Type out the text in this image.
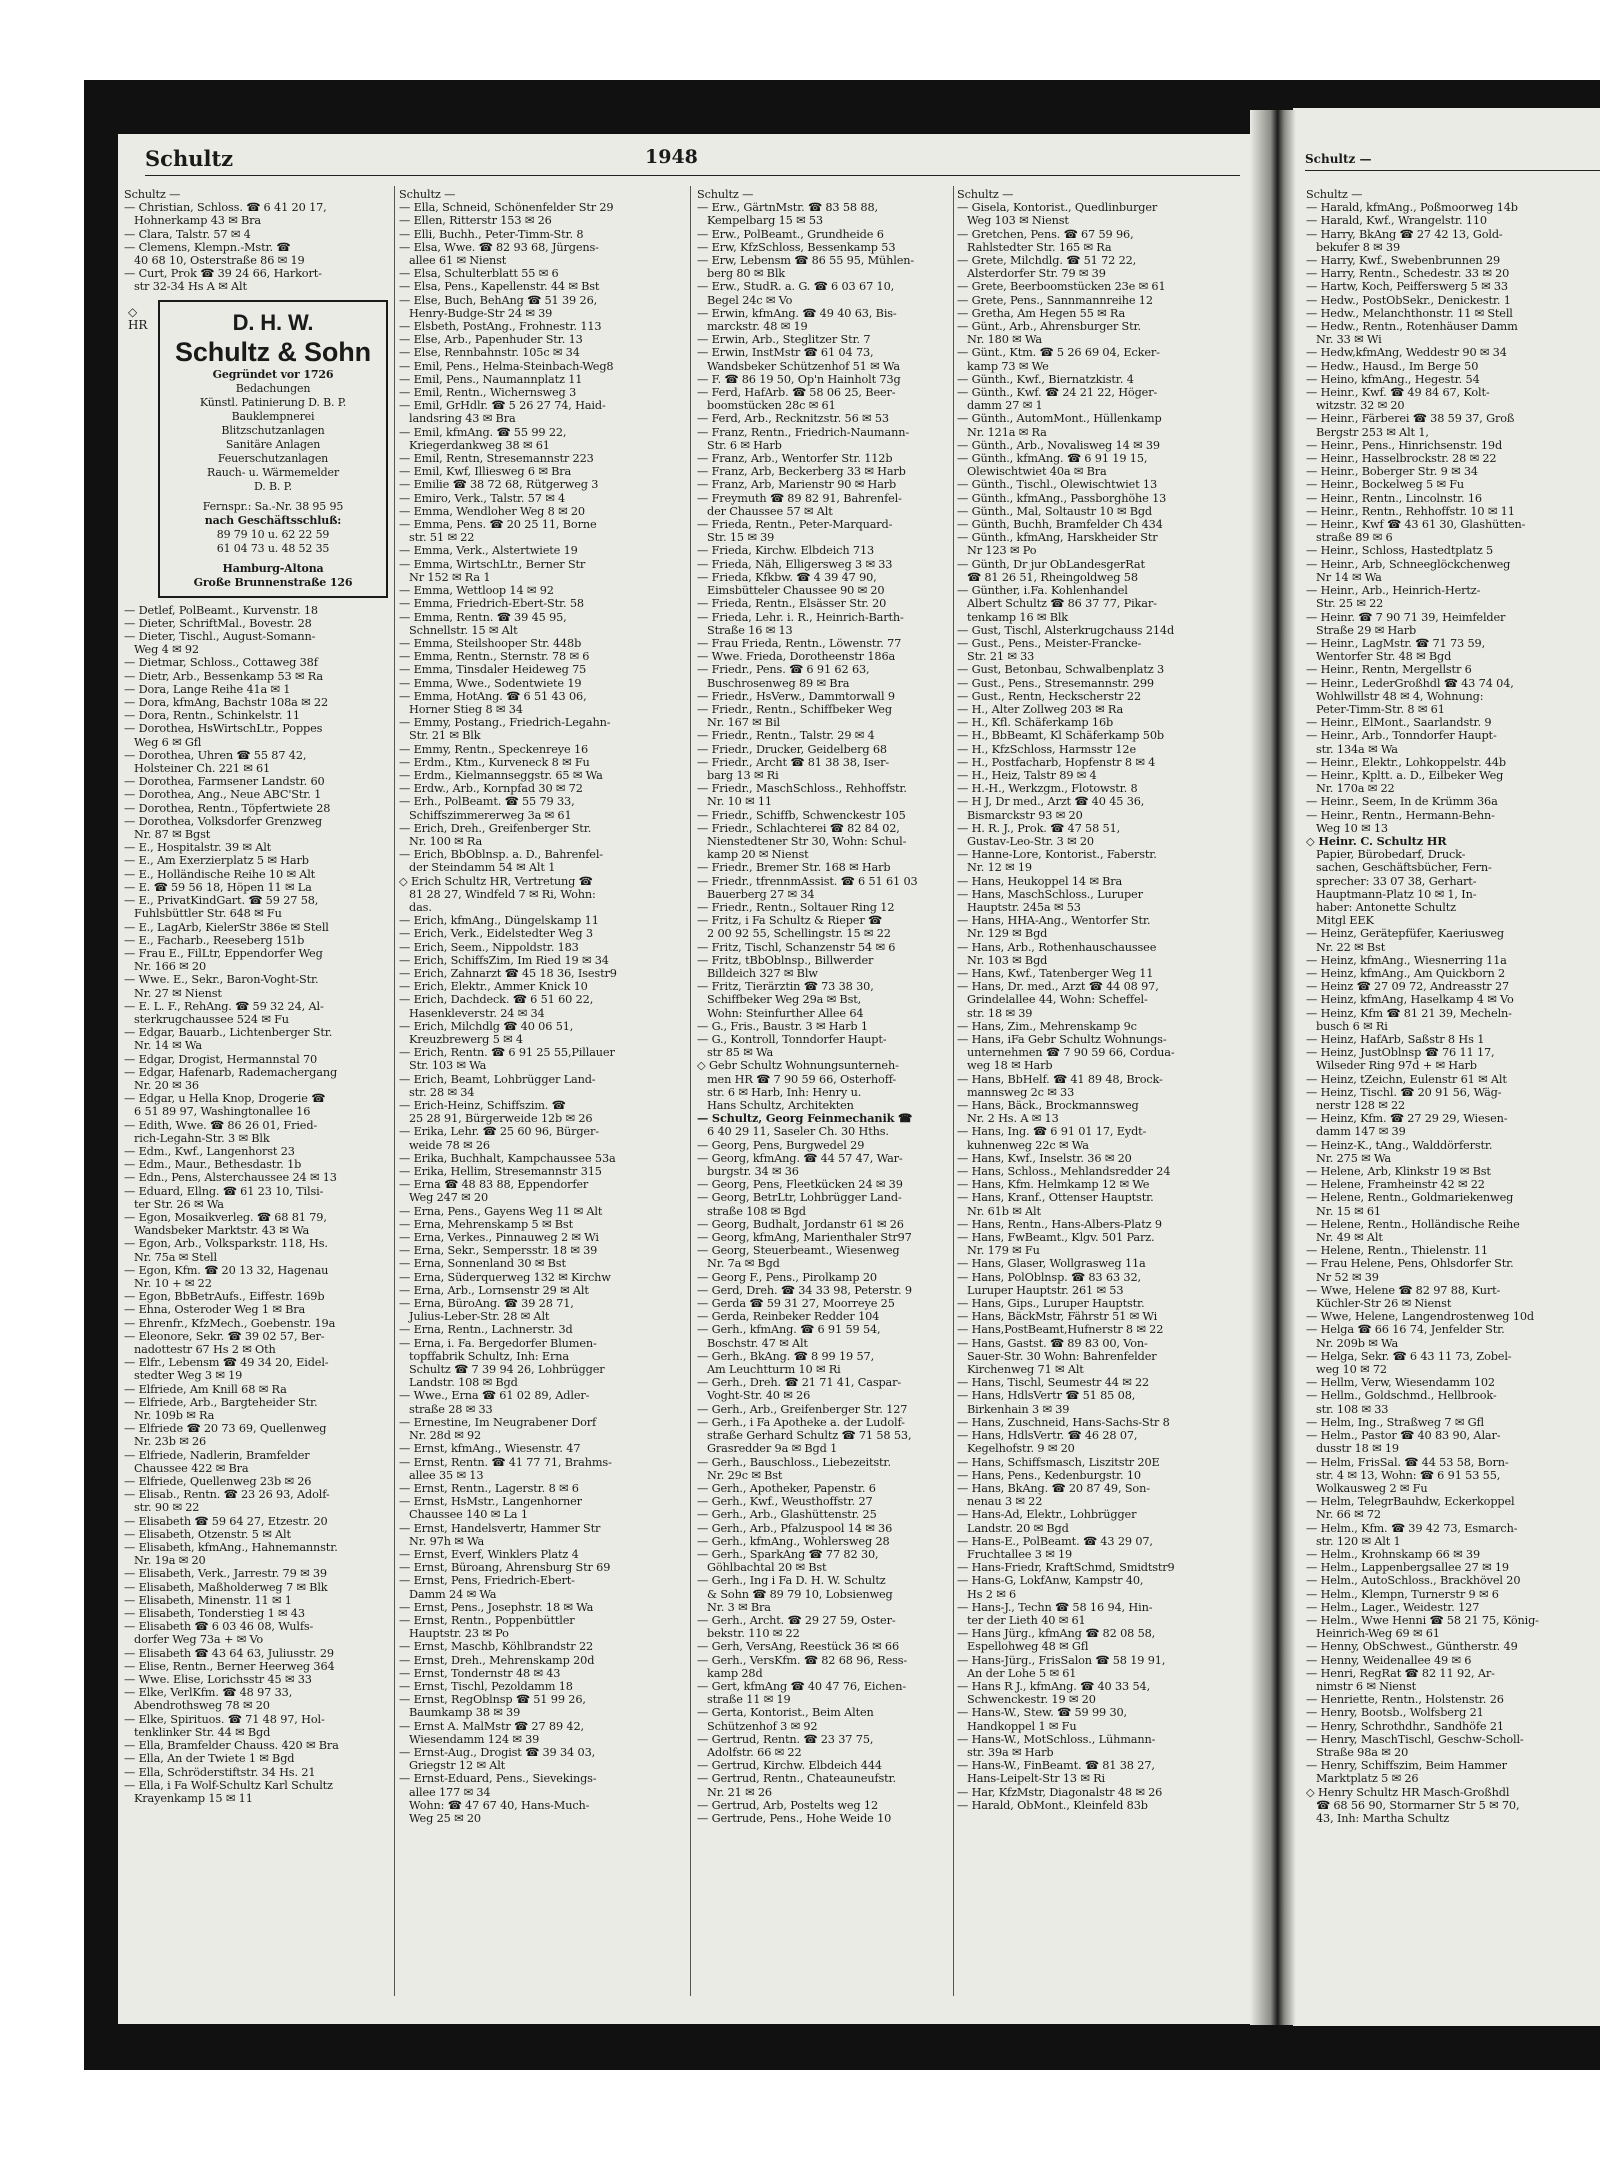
Schultz	1948	Schultz —
Schultz —
— Christian, Schloss. ☎ 6 41 20 17,
Hohnerkamp 43 ✉ Bra
— Clara, Talstr. 57 ✉ 4
— Clemens, Klempn.-Mstr. ☎
40 68 10, Osterstraße 86 ✉ 19
— Curt, Prok ☎ 39 24 66, Harkort-
str 32-34 Hs A ✉ Alt
◇
HR	D. H. W.
Schultz & Sohn
Gegründet vor 1726
Bedachungen
Künstl. Patinierung D. B. P.
Bauklempnerei
Blitzschutzanlagen
Sanitäre Anlagen
Feuerschutzanlagen
Rauch- u. Wärmemelder
D. B. P.
Fernspr.: Sa.-Nr. 38 95 95
nach Geschäftsschluß:
89 79 10 u. 62 22 59
61 04 73 u. 48 52 35
Hamburg-Altona
Große Brunnenstraße 126
— Detlef, PolBeamt., Kurvenstr. 18
— Dieter, SchriftMal., Bovestr. 28
— Dieter, Tischl., August-Somann-
Weg 4 ✉ 92
— Dietmar, Schloss., Cottaweg 38f
— Dietr, Arb., Bessenkamp 53 ✉ Ra
— Dora, Lange Reihe 41a ✉ 1
— Dora, kfmAng, Bachstr 108a ✉ 22
— Dora, Rentn., Schinkelstr. 11
— Dorothea, HsWirtschLtr., Poppes
Weg 6 ✉ Gfl
— Dorothea, Uhren ☎ 55 87 42,
Holsteiner Ch. 221 ✉ 61
— Dorothea, Farmsener Landstr. 60
— Dorothea, Ang., Neue ABC'Str. 1
— Dorothea, Rentn., Töpfertwiete 28
— Dorothea, Volksdorfer Grenzweg
Nr. 87 ✉ Bgst
— E., Hospitalstr. 39 ✉ Alt
— E., Am Exerzierplatz 5 ✉ Harb
— E., Holländische Reihe 10 ✉ Alt
— E. ☎ 59 56 18, Höpen 11 ✉ La
— E., PrivatKindGart. ☎ 59 27 58,
Fuhlsbüttler Str. 648 ✉ Fu
— E., LagArb, KielerStr 386e ✉ Stell
— E., Facharb., Reeseberg 151b
— Frau E., FilLtr, Eppendorfer Weg
Nr. 166 ✉ 20
— Wwe. E., Sekr., Baron-Voght-Str.
Nr. 27 ✉ Nienst
— E. L. F., RehAng. ☎ 59 32 24, Al-
sterkrugchaussee 524 ✉ Fu
— Edgar, Bauarb., Lichtenberger Str.
Nr. 14 ✉ Wa
— Edgar, Drogist, Hermannstal 70
— Edgar, Hafenarb, Rademachergang
Nr. 20 ✉ 36
— Edgar, u Hella Knop, Drogerie ☎
6 51 89 97, Washingtonallee 16
— Edith, Wwe. ☎ 86 26 01, Fried-
rich-Legahn-Str. 3 ✉ Blk
— Edm., Kwf., Langenhorst 23
— Edm., Maur., Bethesdastr. 1b
— Edn., Pens, Alsterchaussee 24 ✉ 13
— Eduard, Ellng. ☎ 61 23 10, Tilsi-
ter Str. 26 ✉ Wa
— Egon, Mosaikverleg. ☎ 68 81 79,
Wandsbeker Marktstr. 43 ✉ Wa
— Egon, Arb., Volksparkstr. 118, Hs.
Nr. 75a ✉ Stell
— Egon, Kfm. ☎ 20 13 32, Hagenau
Nr. 10 + ✉ 22
— Egon, BbBetrAufs., Eiffestr. 169b
— Ehna, Osteroder Weg 1 ✉ Bra
— Ehrenfr., KfzMech., Goebenstr. 19a
— Eleonore, Sekr. ☎ 39 02 57, Ber-
nadottestr 67 Hs 2 ✉ Oth
— Elfr., Lebensm ☎ 49 34 20, Eidel-
stedter Weg 3 ✉ 19
— Elfriede, Am Knill 68 ✉ Ra
— Elfriede, Arb., Bargteheider Str.
Nr. 109b ✉ Ra
— Elfriede ☎ 20 73 69, Quellenweg
Nr. 23b ✉ 26
— Elfriede, Nadlerin, Bramfelder
Chaussee 422 ✉ Bra
— Elfriede, Quellenweg 23b ✉ 26
— Elisab., Rentn. ☎ 23 26 93, Adolf-
str. 90 ✉ 22
— Elisabeth ☎ 59 64 27, Etzestr. 20
— Elisabeth, Otzenstr. 5 ✉ Alt
— Elisabeth, kfmAng., Hahnemannstr.
Nr. 19a ✉ 20
— Elisabeth, Verk., Jarrestr. 79 ✉ 39
— Elisabeth, Maßholderweg 7 ✉ Blk
— Elisabeth, Minenstr. 11 ✉ 1
— Elisabeth, Tonderstieg 1 ✉ 43
— Elisabeth ☎ 6 03 46 08, Wulfs-
dorfer Weg 73a + ✉ Vo
— Elisabeth ☎ 43 64 63, Juliusstr. 29
— Elise, Rentn., Berner Heerweg 364
— Wwe. Elise, Lorichsstr 45 ✉ 33
— Elke, VerlKfm. ☎ 48 97 33,
Abendrothsweg 78 ✉ 20
— Elke, Spirituos. ☎ 71 48 97, Hol-
tenklinker Str. 44 ✉ Bgd
— Ella, Bramfelder Chauss. 420 ✉ Bra
— Ella, An der Twiete 1 ✉ Bgd
— Ella, Schröderstiftstr. 34 Hs. 21
— Ella, i Fa Wolf-Schultz Karl Schultz
Krayenkamp 15 ✉ 11
Schultz —
— Ella, Schneid, Schönenfelder Str 29
— Ellen, Ritterstr 153 ✉ 26
— Elli, Buchh., Peter-Timm-Str. 8
— Elsa, Wwe. ☎ 82 93 68, Jürgens-
allee 61 ✉ Nienst
— Elsa, Schulterblatt 55 ✉ 6
— Elsa, Pens., Kapellenstr. 44 ✉ Bst
— Else, Buch, BehAng ☎ 51 39 26,
Henry-Budge-Str 24 ✉ 39
— Elsbeth, PostAng., Frohnestr. 113
— Else, Arb., Papenhuder Str. 13
— Else, Rennbahnstr. 105c ✉ 34
— Emil, Pens., Helma-Steinbach-Weg8
— Emil, Pens., Naumannplatz 11
— Emil, Rentn., Wichernsweg 3
— Emil, GrHdlr. ☎ 5 26 27 74, Haid-
landsring 43 ✉ Bra
— Emil, kfmAng. ☎ 55 99 22,
Kriegerdankweg 38 ✉ 61
— Emil, Rentn, Stresemannstr 223
— Emil, Kwf, Illiesweg 6 ✉ Bra
— Emilie ☎ 38 72 68, Rütgerweg 3
— Emiro, Verk., Talstr. 57 ✉ 4
— Emma, Wendloher Weg 8 ✉ 20
— Emma, Pens. ☎ 20 25 11, Borne
str. 51 ✉ 22
— Emma, Verk., Alstertwiete 19
— Emma, WirtschLtr., Berner Str
Nr 152 ✉ Ra 1
— Emma, Wettloop 14 ✉ 92
— Emma, Friedrich-Ebert-Str. 58
— Emma, Rentn. ☎ 39 45 95,
Schnellstr. 15 ✉ Alt
— Emma, Steilshooper Str. 448b
— Emma, Rentn., Sternstr. 78 ✉ 6
— Emma, Tinsdaler Heideweg 75
— Emma, Wwe., Sodentwiete 19
— Emma, HotAng. ☎ 6 51 43 06,
Horner Stieg 8 ✉ 34
— Emmy, Postang., Friedrich-Legahn-
Str. 21 ✉ Blk
— Emmy, Rentn., Speckenreye 16
— Erdm., Ktm., Kurveneck 8 ✉ Fu
— Erdm., Kielmannseggstr. 65 ✉ Wa
— Erdw., Arb., Kornpfad 30 ✉ 72
— Erh., PolBeamt. ☎ 55 79 33,
Schiffszimmererweg 3a ✉ 61
— Erich, Dreh., Greifenberger Str.
Nr. 100 ✉ Ra
— Erich, BbOblnsp. a. D., Bahrenfel-
der Steindamm 54 ✉ Alt 1
◇ Erich Schultz HR, Vertretung ☎
81 28 27, Windfeld 7 ✉ Ri, Wohn:
das.
— Erich, kfmAng., Düngelskamp 11
— Erich, Verk., Eidelstedter Weg 3
— Erich, Seem., Nippoldstr. 183
— Erich, SchiffsZim, Im Ried 19 ✉ 34
— Erich, Zahnarzt ☎ 45 18 36, Isestr9
— Erich, Elektr., Ammer Knick 10
— Erich, Dachdeck. ☎ 6 51 60 22,
Hasenkleverstr. 24 ✉ 34
— Erich, Milchdlg ☎ 40 06 51,
Kreuzbrewerg 5 ✉ 4
— Erich, Rentn. ☎ 6 91 25 55,Pillauer
Str. 103 ✉ Wa
— Erich, Beamt, Lohbrügger Land-
str. 28 ✉ 34
— Erich-Heinz, Schiffszim. ☎
25 28 91, Bürgerweide 12b ✉ 26
— Erika, Lehr. ☎ 25 60 96, Bürger-
weide 78 ✉ 26
— Erika, Buchhalt, Kampchaussee 53a
— Erika, Hellim, Stresemannstr 315
— Erna ☎ 48 83 88, Eppendorfer
Weg 247 ✉ 20
— Erna, Pens., Gayens Weg 11 ✉ Alt
— Erna, Mehrenskamp 5 ✉ Bst
— Erna, Verkes., Pinnauweg 2 ✉ Wi
— Erna, Sekr., Sempersstr. 18 ✉ 39
— Erna, Sonnenland 30 ✉ Bst
— Erna, Süderquerweg 132 ✉ Kirchw
— Erna, Arb., Lornsenstr 29 ✉ Alt
— Erna, BüroAng. ☎ 39 28 71,
Julius-Leber-Str. 28 ✉ Alt
— Erna, Rentn., Lachnerstr. 3d
— Erna, i. Fa. Bergedorfer Blumen-
topffabrik Schultz, Inh: Erna
Schultz ☎ 7 39 94 26, Lohbrügger
Landstr. 108 ✉ Bgd
— Wwe., Erna ☎ 61 02 89, Adler-
straße 28 ✉ 33
— Ernestine, Im Neugrabener Dorf
Nr. 28d ✉ 92
— Ernst, kfmAng., Wiesenstr. 47
— Ernst, Rentn. ☎ 41 77 71, Brahms-
allee 35 ✉ 13
— Ernst, Rentn., Lagerstr. 8 ✉ 6
— Ernst, HsMstr., Langenhorner
Chaussee 140 ✉ La 1
— Ernst, Handelsvertr, Hammer Str
Nr. 97h ✉ Wa
— Ernst, Everf, Winklers Platz 4
— Ernst, Büroang, Ahrensburg Str 69
— Ernst, Pens, Friedrich-Ebert-
Damm 24 ✉ Wa
— Ernst, Pens., Josephstr. 18 ✉ Wa
— Ernst, Rentn., Poppenbüttler
Hauptstr. 23 ✉ Po
— Ernst, Maschb, Köhlbrandstr 22
— Ernst, Dreh., Mehrenskamp 20d
— Ernst, Tondernstr 48 ✉ 43
— Ernst, Tischl, Pezoldamm 18
— Ernst, RegOblnsp ☎ 51 99 26,
Baumkamp 38 ✉ 39
— Ernst A. MalMstr ☎ 27 89 42,
Wiesendamm 124 ✉ 39
— Ernst-Aug., Drogist ☎ 39 34 03,
Griegstr 12 ✉ Alt
— Ernst-Eduard, Pens., Sievekings-
allee 177 ✉ 34
Wohn: ☎ 47 67 40, Hans-Much-
Weg 25 ✉ 20
Schultz —
— Erw., GärtnMstr. ☎ 83 58 88,
Kempelbarg 15 ✉ 53
— Erw., PolBeamt., Grundheide 6
— Erw, KfzSchloss, Bessenkamp 53
— Erw, Lebensm ☎ 86 55 95, Mühlen-
berg 80 ✉ Blk
— Erw., StudR. a. G. ☎ 6 03 67 10,
Begel 24c ✉ Vo
— Erwin, kfmAng. ☎ 49 40 63, Bis-
marckstr. 48 ✉ 19
— Erwin, Arb., Steglitzer Str. 7
— Erwin, InstMstr ☎ 61 04 73,
Wandsbeker Schützenhof 51 ✉ Wa
— F. ☎ 86 19 50, Op'n Hainholt 73g
— Ferd, HafArb. ☎ 58 06 25, Beer-
boomstücken 28c ✉ 61
— Ferd, Arb., Recknitzstr. 56 ✉ 53
— Franz, Rentn., Friedrich-Naumann-
Str. 6 ✉ Harb
— Franz, Arb., Wentorfer Str. 112b
— Franz, Arb, Beckerberg 33 ✉ Harb
— Franz, Arb, Marienstr 90 ✉ Harb
— Freymuth ☎ 89 82 91, Bahrenfel-
der Chaussee 57 ✉ Alt
— Frieda, Rentn., Peter-Marquard-
Str. 15 ✉ 39
— Frieda, Kirchw. Elbdeich 713
— Frieda, Näh, Elligersweg 3 ✉ 33
— Frieda, Kfkbw. ☎ 4 39 47 90,
Eimsbütteler Chaussee 90 ✉ 20
— Frieda, Rentn., Elsässer Str. 20
— Frieda, Lehr. i. R., Heinrich-Barth-
Straße 16 ✉ 13
— Frau Frieda, Rentn., Löwenstr. 77
— Wwe. Frieda, Dorotheenstr 186a
— Friedr., Pens. ☎ 6 91 62 63,
Buschrosenweg 89 ✉ Bra
— Friedr., HsVerw., Dammtorwall 9
— Friedr., Rentn., Schiffbeker Weg
Nr. 167 ✉ Bil
— Friedr., Rentn., Talstr. 29 ✉ 4
— Friedr., Drucker, Geidelberg 68
— Friedr., Archt ☎ 81 38 38, Iser-
barg 13 ✉ Ri
— Friedr., MaschSchloss., Rehhoffstr.
Nr. 10 ✉ 11
— Friedr., Schiffb, Schwenckestr 105
— Friedr., Schlachterei ☎ 82 84 02,
Nienstedtener Str 30, Wohn: Schul-
kamp 20 ✉ Nienst
— Friedr., Bremer Str. 168 ✉ Harb
— Friedr., tfrennmAssist. ☎ 6 51 61 03
Bauerberg 27 ✉ 34
— Friedr., Rentn., Soltauer Ring 12
— Fritz, i Fa Schultz & Rieper ☎
2 00 92 55, Schellingstr. 15 ✉ 22
— Fritz, Tischl, Schanzenstr 54 ✉ 6
— Fritz, tBbOblnsp., Billwerder
Billdeich 327 ✉ Blw
— Fritz, Tierärztin ☎ 73 38 30,
Schiffbeker Weg 29a ✉ Bst,
Wohn: Steinfurther Allee 64
— G., Fris., Baustr. 3 ✉ Harb 1
— G., Kontroll, Tonndorfer Haupt-
str 85 ✉ Wa
◇ Gebr Schultz Wohnungsunterneh-
men HR ☎ 7 90 59 66, Osterhoff-
str. 6 ✉ Harb, Inh: Henry u.
Hans Schultz, Architekten
— Schultz, Georg Feinmechanik ☎
6 40 29 11, Saseler Ch. 30 Hths.
— Georg, Pens, Burgwedel 29
— Georg, kfmAng. ☎ 44 57 47, War-
burgstr. 34 ✉ 36
— Georg, Pens, Fleetkücken 24 ✉ 39
— Georg, BetrLtr, Lohbrügger Land-
straße 108 ✉ Bgd
— Georg, Budhalt, Jordanstr 61 ✉ 26
— Georg, kfmAng, Marienthaler Str97
— Georg, Steuerbeamt., Wiesenweg
Nr. 7a ✉ Bgd
— Georg F., Pens., Pirolkamp 20
— Gerd, Dreh. ☎ 34 33 98, Peterstr. 9
— Gerda ☎ 59 31 27, Moorreye 25
— Gerda, Reinbeker Redder 104
— Gerh., kfmAng. ☎ 6 91 59 54,
Boschstr. 47 ✉ Alt
— Gerh., BkAng. ☎ 8 99 19 57,
Am Leuchtturm 10 ✉ Ri
— Gerh., Dreh. ☎ 21 71 41, Caspar-
Voght-Str. 40 ✉ 26
— Gerh., Arb., Greifenberger Str. 127
— Gerh., i Fa Apotheke a. der Ludolf-
straße Gerhard Schultz ☎ 71 58 53,
Grasredder 9a ✉ Bgd 1
— Gerh., Bauschloss., Liebezeitstr.
Nr. 29c ✉ Bst
— Gerh., Apotheker, Papenstr. 6
— Gerh., Kwf., Weusthoffstr. 27
— Gerh., Arb., Glashüttenstr. 25
— Gerh., Arb., Pfalzuspool 14 ✉ 36
— Gerh., kfmAng., Wohlersweg 28
— Gerh., SparkAng ☎ 77 82 30,
Göhlbachtal 20 ✉ Bst
— Gerh., Ing i Fa D. H. W. Schultz
& Sohn ☎ 89 79 10, Lobsienweg
Nr. 3 ✉ Bra
— Gerh., Archt. ☎ 29 27 59, Oster-
bekstr. 110 ✉ 22
— Gerh, VersAng, Reestück 36 ✉ 66
— Gerh., VersKfm. ☎ 82 68 96, Ress-
kamp 28d
— Gert, kfmAng ☎ 40 47 76, Eichen-
straße 11 ✉ 19
— Gerta, Kontorist., Beim Alten
Schützenhof 3 ✉ 92
— Gertrud, Rentn. ☎ 23 37 75,
Adolfstr. 66 ✉ 22
— Gertrud, Kirchw. Elbdeich 444
— Gertrud, Rentn., Chateauneufstr.
Nr. 21 ✉ 26
— Gertrud, Arb, Postelts weg 12
— Gertrude, Pens., Hohe Weide 10
Schultz —
— Gisela, Kontorist., Quedlinburger
Weg 103 ✉ Nienst
— Gretchen, Pens. ☎ 67 59 96,
Rahlstedter Str. 165 ✉ Ra
— Grete, Milchdlg. ☎ 51 72 22,
Alsterdorfer Str. 79 ✉ 39
— Grete, Beerboomstücken 23e ✉ 61
— Grete, Pens., Sannmannreihe 12
— Gretha, Am Hegen 55 ✉ Ra
— Günt., Arb., Ahrensburger Str.
Nr. 180 ✉ Wa
— Günt., Ktm. ☎ 5 26 69 04, Ecker-
kamp 73 ✉ We
— Günth., Kwf., Biernatzkistr. 4
— Günth., Kwf. ☎ 24 21 22, Höger-
damm 27 ✉ 1
— Günth., AutomMont., Hüllenkamp
Nr. 121a ✉ Ra
— Günth., Arb., Novalisweg 14 ✉ 39
— Günth., kfmAng. ☎ 6 91 19 15,
Olewischtwiet 40a ✉ Bra
— Günth., Tischl., Olewischtwiet 13
— Günth., kfmAng., Passborghöhe 13
— Günth., Mal, Soltaustr 10 ✉ Bgd
— Günth, Buchh, Bramfelder Ch 434
— Günth., kfmAng, Harskheider Str
Nr 123 ✉ Po
— Günth, Dr jur ObLandesgerRat
☎ 81 26 51, Rheingoldweg 58
— Günther, i.Fa. Kohlenhandel
Albert Schultz ☎ 86 37 77, Pikar-
tenkamp 16 ✉ Blk
— Gust, Tischl, Alsterkrugchauss 214d
— Gust., Pens., Meister-Francke-
Str. 21 ✉ 33
— Gust, Betonbau, Schwalbenplatz 3
— Gust., Pens., Stresemannstr. 299
— Gust., Rentn, Heckscherstr 22
— H., Alter Zollweg 203 ✉ Ra
— H., Kfl. Schäferkamp 16b
— H., BbBeamt, Kl Schäferkamp 50b
— H., KfzSchloss, Harmsstr 12e
— H., Postfacharb, Hopfenstr 8 ✉ 4
— H., Heiz, Talstr 89 ✉ 4
— H.-H., Werkzgm., Flotowstr. 8
— H J, Dr med., Arzt ☎ 40 45 36,
Bismarckstr 93 ✉ 20
— H. R. J., Prok. ☎ 47 58 51,
Gustav-Leo-Str. 3 ✉ 20
— Hanne-Lore, Kontorist., Faberstr.
Nr. 12 ✉ 19
— Hans, Heukoppel 14 ✉ Bra
— Hans, MaschSchloss., Luruper
Hauptstr. 245a ✉ 53
— Hans, HHA-Ang., Wentorfer Str.
Nr. 129 ✉ Bgd
— Hans, Arb., Rothenhauschaussee
Nr. 103 ✉ Bgd
— Hans, Kwf., Tatenberger Weg 11
— Hans, Dr. med., Arzt ☎ 44 08 97,
Grindelallee 44, Wohn: Scheffel-
str. 18 ✉ 39
— Hans, Zim., Mehrenskamp 9c
— Hans, iFa Gebr Schultz Wohnungs-
unternehmen ☎ 7 90 59 66, Cordua-
weg 18 ✉ Harb
— Hans, BbHelf. ☎ 41 89 48, Brock-
mannsweg 2c ✉ 33
— Hans, Bäck., Brockmannsweg
Nr. 2 Hs. A ✉ 13
— Hans, Ing. ☎ 6 91 01 17, Eydt-
kuhnenweg 22c ✉ Wa
— Hans, Kwf., Inselstr. 36 ✉ 20
— Hans, Schloss., Mehlandsredder 24
— Hans, Kfm. Helmkamp 12 ✉ We
— Hans, Kranf., Ottenser Hauptstr.
Nr. 61b ✉ Alt
— Hans, Rentn., Hans-Albers-Platz 9
— Hans, FwBeamt., Klgv. 501 Parz.
Nr. 179 ✉ Fu
— Hans, Glaser, Wollgrasweg 11a
— Hans, PolOblnsp. ☎ 83 63 32,
Luruper Hauptstr. 261 ✉ 53
— Hans, Gips., Luruper Hauptstr.
— Hans, BäckMstr, Fährstr 51 ✉ Wi
— Hans,PostBeamt,Hufnerstr 8 ✉ 22
— Hans, Gastst. ☎ 89 83 00, Von-
Sauer-Str. 30 Wohn: Bahrenfelder
Kirchenweg 71 ✉ Alt
— Hans, Tischl, Seumestr 44 ✉ 22
— Hans, HdlsVertr ☎ 51 85 08,
Birkenhain 3 ✉ 39
— Hans, Zuschneid, Hans-Sachs-Str 8
— Hans, HdlsVertr. ☎ 46 28 07,
Kegelhofstr. 9 ✉ 20
— Hans, Schiffsmasch, Liszitstr 20E
— Hans, Pens., Kedenburgstr. 10
— Hans, BkAng. ☎ 20 87 49, Son-
nenau 3 ✉ 22
— Hans-Ad, Elektr., Lohbrügger
Landstr. 20 ✉ Bgd
— Hans-E., PolBeamt. ☎ 43 29 07,
Fruchtallee 3 ✉ 19
— Hans-Friedr, KraftSchmd, Smidtstr9
— Hans-G, LokfAnw, Kampstr 40,
Hs 2 ✉ 6
— Hans-J., Techn ☎ 58 16 94, Hin-
ter der Lieth 40 ✉ 61
— Hans Jürg., kfmAng ☎ 82 08 58,
Espellohweg 48 ✉ Gfl
— Hans-Jürg., FrisSalon ☎ 58 19 91,
An der Lohe 5 ✉ 61
— Hans R J., kfmAng. ☎ 40 33 54,
Schwenckestr. 19 ✉ 20
— Hans-W., Stew. ☎ 59 99 30,
Handkoppel 1 ✉ Fu
— Hans-W., MotSchloss., Lühmann-
str. 39a ✉ Harb
— Hans-W., FinBeamt. ☎ 81 38 27,
Hans-Leipelt-Str 13 ✉ Ri
— Har, KfzMstr, Diagonalstr 48 ✉ 26
— Harald, ObMont., Kleinfeld 83b
Schultz —
— Harald, kfmAng., Poßmoorweg 14b
— Harald, Kwf., Wrangelstr. 110
— Harry, BkAng ☎ 27 42 13, Gold-
bekufer 8 ✉ 39
— Harry, Kwf., Swebenbrunnen 29
— Harry, Rentn., Schedestr. 33 ✉ 20
— Hartw, Koch, Peifferswerg 5 ✉ 33
— Hedw., PostObSekr., Denickestr. 1
— Hedw., Melanchthonstr. 11 ✉ Stell
— Hedw., Rentn., Rotenhäuser Damm
Nr. 33 ✉ Wi
— Hedw,kfmAng, Weddestr 90 ✉ 34
— Hedw., Hausd., Im Berge 50
— Heino, kfmAng., Hegestr. 54
— Heinr., Kwf. ☎ 49 84 67, Kolt-
witzstr. 32 ✉ 20
— Heinr., Färberei ☎ 38 59 37, Groß
Bergstr 253 ✉ Alt 1,
— Heinr., Pens., Hinrichsenstr. 19d
— Heinr., Hasselbrockstr. 28 ✉ 22
— Heinr., Boberger Str. 9 ✉ 34
— Heinr., Bockelweg 5 ✉ Fu
— Heinr., Rentn., Lincolnstr. 16
— Heinr., Rentn., Rehhoffstr. 10 ✉ 11
— Heinr., Kwf ☎ 43 61 30, Glashütten-
straße 89 ✉ 6
— Heinr., Schloss, Hastedtplatz 5
— Heinr., Arb, Schneeglöckchenweg
Nr 14 ✉ Wa
— Heinr., Arb., Heinrich-Hertz-
Str. 25 ✉ 22
— Heinr. ☎ 7 90 71 39, Heimfelder
Straße 29 ✉ Harb
— Heinr., LagMstr. ☎ 71 73 59,
Wentorfer Str. 48 ✉ Bgd
— Heinr., Rentn, Mergellstr 6
— Heinr., LederGroßhdl ☎ 43 74 04,
Wohlwillstr 48 ✉ 4, Wohnung:
Peter-Timm-Str. 8 ✉ 61
— Heinr., ElMont., Saarlandstr. 9
— Heinr., Arb., Tonndorfer Haupt-
str. 134a ✉ Wa
— Heinr., Elektr., Lohkoppelstr. 44b
— Heinr., Kpltt. a. D., Eilbeker Weg
Nr. 170a ✉ 22
— Heinr., Seem, In de Krümm 36a
— Heinr., Rentn., Hermann-Behn-
Weg 10 ✉ 13
◇ Heinr. C. Schultz HR
Papier, Bürobedarf, Druck-
sachen, Geschäftsbücher, Fern-
sprecher: 33 07 38, Gerhart-
Hauptmann-Platz 10 ✉ 1, In-
haber: Antonette Schultz
Mitgl EEK
— Heinz, Gerätepfüfer, Kaeriusweg
Nr. 22 ✉ Bst
— Heinz, kfmAng., Wiesnerring 11a
— Heinz, kfmAng., Am Quickborn 2
— Heinz ☎ 27 09 72, Andreasstr 27
— Heinz, kfmAng, Haselkamp 4 ✉ Vo
— Heinz, Kfm ☎ 81 21 39, Mecheln-
busch 6 ✉ Ri
— Heinz, HafArb, Saßstr 8 Hs 1
— Heinz, JustOblnsp ☎ 76 11 17,
Wilseder Ring 97d + ✉ Harb
— Heinz, tZeichn, Eulenstr 61 ✉ Alt
— Heinz, Tischl. ☎ 20 91 56, Wäg-
nerstr 128 ✉ 22
— Heinz, Kfm. ☎ 27 29 29, Wiesen-
damm 147 ✉ 39
— Heinz-K., tAng., Walddörferstr.
Nr. 275 ✉ Wa
— Helene, Arb, Klinkstr 19 ✉ Bst
— Helene, Framheinstr 42 ✉ 22
— Helene, Rentn., Goldmariekenweg
Nr. 15 ✉ 61
— Helene, Rentn., Holländische Reihe
Nr. 49 ✉ Alt
— Helene, Rentn., Thielenstr. 11
— Frau Helene, Pens, Ohlsdorfer Str.
Nr 52 ✉ 39
— Wwe, Helene ☎ 82 97 88, Kurt-
Küchler-Str 26 ✉ Nienst
— Wwe, Helene, Langendrostenweg 10d
— Helga ☎ 66 16 74, Jenfelder Str.
Nr. 209b ✉ Wa
— Helga, Sekr. ☎ 6 43 11 73, Zobel-
weg 10 ✉ 72
— Hellm, Verw, Wiesendamm 102
— Hellm., Goldschmd., Hellbrook-
str. 108 ✉ 33
— Helm, Ing., Straßweg 7 ✉ Gfl
— Helm., Pastor ☎ 40 83 90, Alar-
dusstr 18 ✉ 19
— Helm, FrisSal. ☎ 44 53 58, Born-
str. 4 ✉ 13, Wohn: ☎ 6 91 53 55,
Wolkausweg 2 ✉ Fu
— Helm, TelegrBauhdw, Eckerkoppel
Nr. 66 ✉ 72
— Helm., Kfm. ☎ 39 42 73, Esmarch-
str. 120 ✉ Alt 1
— Helm., Krohnskamp 66 ✉ 39
— Helm., Lappenbergsallee 27 ✉ 19
— Helm., AutoSchloss., Brackhövel 20
— Helm., Klempn, Turnerstr 9 ✉ 6
— Helm., Lager., Weidestr. 127
— Helm., Wwe Henni ☎ 58 21 75, König-
Heinrich-Weg 69 ✉ 61
— Henny, ObSchwest., Güntherstr. 49
— Henny, Weidenallee 49 ✉ 6
— Henri, RegRat ☎ 82 11 92, Ar-
nimstr 6 ✉ Nienst
— Henriette, Rentn., Holstenstr. 26
— Henry, Bootsb., Wolfsberg 21
— Henry, Schrothdhr., Sandhöfe 21
— Henry, MaschTischl, Geschw-Scholl-
Straße 98a ✉ 20
— Henry, Schiffszim, Beim Hammer
Marktplatz 5 ✉ 26
◇ Henry Schultz HR Masch-Großhdl
☎ 68 56 90, Stormarner Str 5 ✉ 70,
43, Inh: Martha Schultz
